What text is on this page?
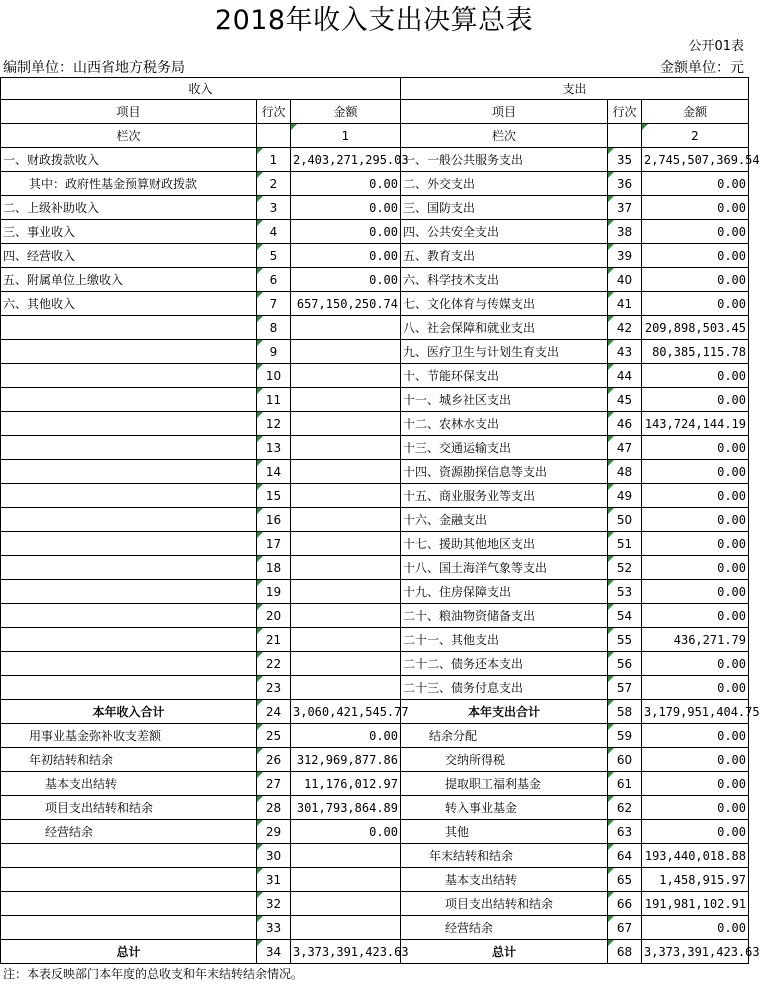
2018年收入支出决算总表
公开01表
编制单位：山西省地方税务局	金额单位：元
收入			支出		
项目	行次	金额	项目	行次	金额
栏次		1	栏次		2
一、财政拨款收入	1	2,403,271,295.03	一、一般公共服务支出	35	2,745,507,369.54
其中：政府性基金预算财政拨款	2	0.00	二、外交支出	36	0.00
二、上级补助收入	3	0.00	三、国防支出	37	0.00
三、事业收入	4	0.00	四、公共安全支出	38	0.00
四、经营收入	5	0.00	五、教育支出	39	0.00
五、附属单位上缴收入	6	0.00	六、科学技术支出	40	0.00
六、其他收入	7	657,150,250.74	七、文化体育与传媒支出	41	0.00
	8		八、社会保障和就业支出	42	209,898,503.45
	9		九、医疗卫生与计划生育支出	43	80,385,115.78
	10		十、节能环保支出	44	0.00
	11		十一、城乡社区支出	45	0.00
	12		十二、农林水支出	46	143,724,144.19
	13		十三、交通运输支出	47	0.00
	14		十四、资源勘探信息等支出	48	0.00
	15		十五、商业服务业等支出	49	0.00
	16		十六、金融支出	50	0.00
	17		十七、援助其他地区支出	51	0.00
	18		十八、国土海洋气象等支出	52	0.00
	19		十九、住房保障支出	53	0.00
	20		二十、粮油物资储备支出	54	0.00
	21		二十一、其他支出	55	436,271.79
	22		二十二、债务还本支出	56	0.00
	23		二十三、债务付息支出	57	0.00
本年收入合计	24	3,060,421,545.77	本年支出合计	58	3,179,951,404.75
用事业基金弥补收支差额	25	0.00	结余分配	59	0.00
年初结转和结余	26	312,969,877.86	交纳所得税	60	0.00
基本支出结转	27	11,176,012.97	提取职工福利基金	61	0.00
项目支出结转和结余	28	301,793,864.89	转入事业基金	62	0.00
经营结余	29	0.00	其他	63	0.00
	30		年末结转和结余	64	193,440,018.88
	31		基本支出结转	65	1,458,915.97
	32		项目支出结转和结余	66	191,981,102.91
	33		经营结余	67	0.00
总计	34	3,373,391,423.63	总计	68	3,373,391,423.63
注：本表反映部门本年度的总收支和年末结转结余情况。
